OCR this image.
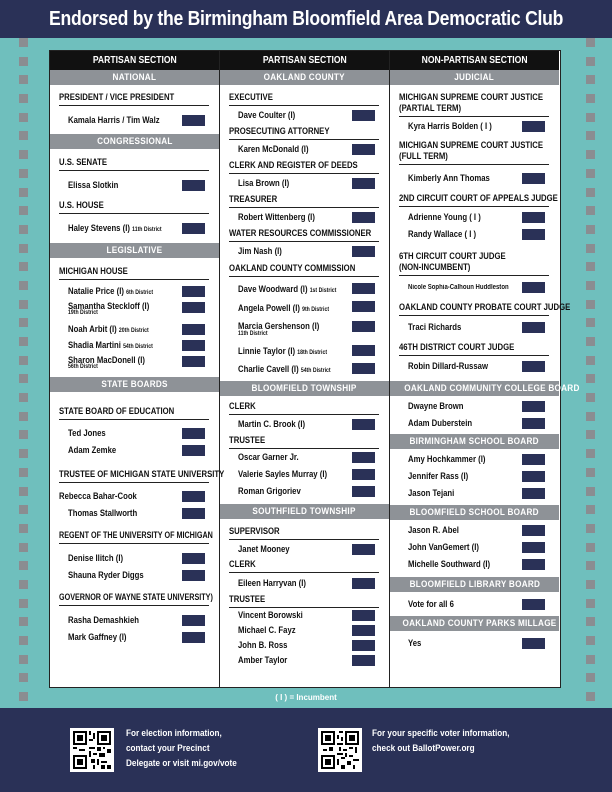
Endorsed by the Birmingham Bloomfield Area Democratic Club
PARTISAN SECTION
NATIONAL
PRESIDENT / VICE PRESIDENT
Kamala Harris / Tim Walz
CONGRESSIONAL
U.S. SENATE
Elissa Slotkin
U.S. HOUSE
Haley Stevens (I) 11th District
LEGISLATIVE
MICHIGAN HOUSE
Natalie Price (I) 6th District
Samantha Steckloff (I)
19th District
Noah Arbit (I) 20th District
Shadia Martini 54th District
Sharon MacDonell (I)
56th District
STATE BOARDS
STATE BOARD OF EDUCATION
Ted Jones
Adam Zemke
TRUSTEE OF MICHIGAN STATE UNIVERSITY
Rebecca Bahar-Cook
Thomas Stallworth
REGENT OF THE UNIVERSITY OF MICHIGAN
Denise Ilitch (I)
Shauna Ryder Diggs
GOVERNOR OF WAYNE STATE UNIVERSITY)
Rasha Demashkieh
Mark Gaffney (I)
PARTISAN SECTION
OAKLAND COUNTY
EXECUTIVE
Dave Coulter (I)
PROSECUTING ATTORNEY
Karen McDonald (I)
CLERK AND REGISTER OF DEEDS
Lisa Brown (I)
TREASURER
Robert Wittenberg (I)
WATER RESOURCES COMMISSIONER
Jim Nash (I)
OAKLAND COUNTY COMMISSION
Dave Woodward (I) 1st District
Angela Powell (I) 9th District
Marcia Gershenson (I)
11th District
Linnie Taylor (I) 18th District
Charlie Cavell (I) 54th District
BLOOMFIELD TOWNSHIP
CLERK
Martin C. Brook (I)
TRUSTEE
Oscar Garner Jr.
Valerie Sayles Murray (I)
Roman Grigoriev
SOUTHFIELD TOWNSHIP
SUPERVISOR
Janet Mooney
CLERK
Eileen Harryvan (I)
TRUSTEE
Vincent Borowski
Michael C. Fayz
John B. Ross
Amber Taylor
NON-PARTISAN SECTION
JUDICIAL
MICHIGAN SUPREME COURT JUSTICE
(PARTIAL TERM)
Kyra Harris Bolden ( I )
MICHIGAN SUPREME COURT JUSTICE
(FULL TERM)
Kimberly Ann Thomas
2ND CIRCUIT COURT OF APPEALS JUDGE
Adrienne Young ( I )
Randy Wallace ( I )
6TH CIRCUIT COURT JUDGE
(NON-INCUMBENT)
Nicole Sophia-Calhoun Huddleston
OAKLAND COUNTY PROBATE COURT JUDGE
Traci Richards
46TH DISTRICT COURT JUDGE
Robin Dillard-Russaw
OAKLAND COMMUNITY COLLEGE BOARD
Dwayne Brown
Adam Duberstein
BIRMINGHAM SCHOOL BOARD
Amy Hochkammer (I)
Jennifer Rass (I)
Jason Tejani
BLOOMFIELD SCHOOL BOARD
Jason R. Abel
John VanGemert (I)
Michelle Southward (I)
BLOOMFIELD LIBRARY BOARD
Vote for all 6
OAKLAND COUNTY PARKS MILLAGE
Yes
( I ) = Incumbent
For election information,
contact your Precinct
Delegate or visit mi.gov/vote
For your specific voter information,
check out BallotPower.org
